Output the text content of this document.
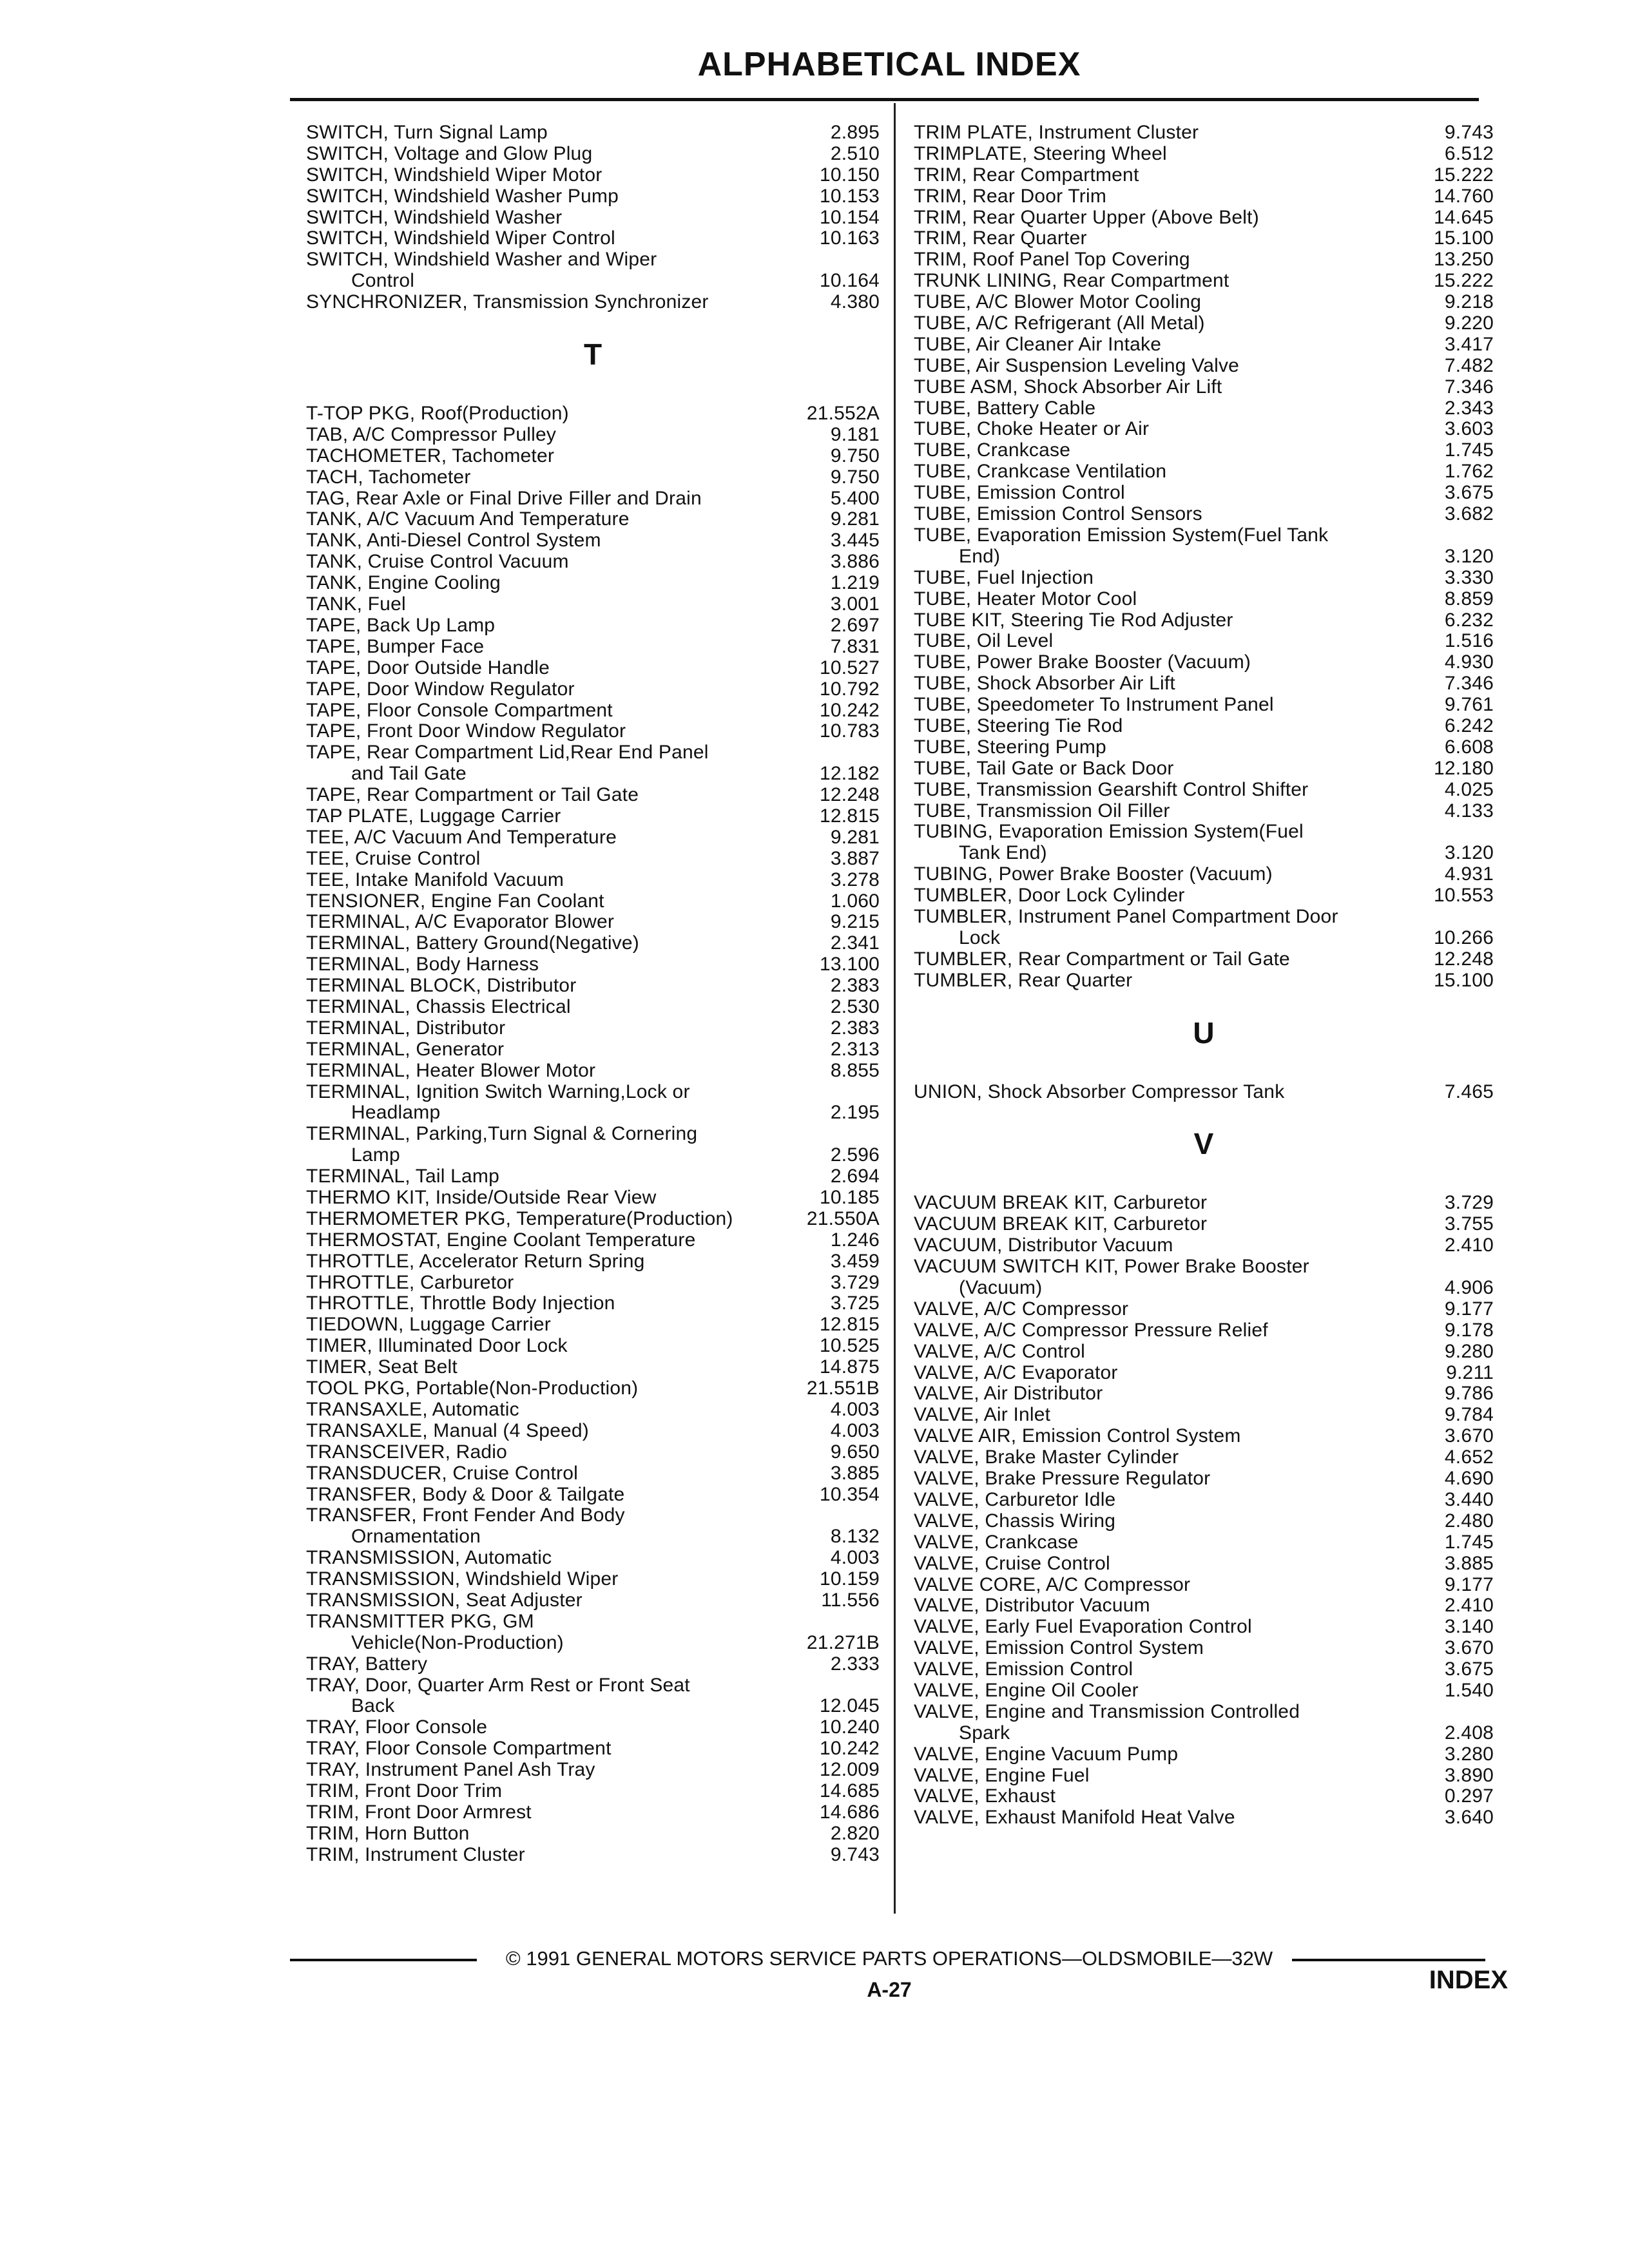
ALPHABETICAL INDEX
SWITCH, Turn Signal Lamp	2.895
SWITCH, Voltage and Glow Plug	2.510
SWITCH, Windshield Wiper Motor	10.150
SWITCH, Windshield Washer Pump	10.153
SWITCH, Windshield Washer	10.154
SWITCH, Windshield Wiper Control	10.163
SWITCH, Windshield Washer and Wiper
Control	10.164
SYNCHRONIZER, Transmission Synchronizer	4.380
T
T-TOP PKG, Roof(Production)	21.552A
TAB, A/C Compressor Pulley	9.181
TACHOMETER, Tachometer	9.750
TACH, Tachometer	9.750
TAG, Rear Axle or Final Drive Filler and Drain	5.400
TANK, A/C Vacuum And Temperature	9.281
TANK, Anti-Diesel Control System	3.445
TANK, Cruise Control Vacuum	3.886
TANK, Engine Cooling	1.219
TANK, Fuel	3.001
TAPE, Back Up Lamp	2.697
TAPE, Bumper Face	7.831
TAPE, Door Outside Handle	10.527
TAPE, Door Window Regulator	10.792
TAPE, Floor Console Compartment	10.242
TAPE, Front Door Window Regulator	10.783
TAPE, Rear Compartment Lid,Rear End Panel
and Tail Gate	12.182
TAPE, Rear Compartment or Tail Gate	12.248
TAP PLATE, Luggage Carrier	12.815
TEE, A/C Vacuum And Temperature	9.281
TEE, Cruise Control	3.887
TEE, Intake Manifold Vacuum	3.278
TENSIONER, Engine Fan Coolant	1.060
TERMINAL, A/C Evaporator Blower	9.215
TERMINAL, Battery Ground(Negative)	2.341
TERMINAL, Body Harness	13.100
TERMINAL BLOCK, Distributor	2.383
TERMINAL, Chassis Electrical	2.530
TERMINAL, Distributor	2.383
TERMINAL, Generator	2.313
TERMINAL, Heater Blower Motor	8.855
TERMINAL, Ignition Switch Warning,Lock or
Headlamp	2.195
TERMINAL, Parking,Turn Signal & Cornering
Lamp	2.596
TERMINAL, Tail Lamp	2.694
THERMO KIT, Inside/Outside Rear View	10.185
THERMOMETER PKG, Temperature(Production)	21.550A
THERMOSTAT, Engine Coolant Temperature	1.246
THROTTLE, Accelerator Return Spring	3.459
THROTTLE, Carburetor	3.729
THROTTLE, Throttle Body Injection	3.725
TIEDOWN, Luggage Carrier	12.815
TIMER, Illuminated Door Lock	10.525
TIMER, Seat Belt	14.875
TOOL PKG, Portable(Non-Production)	21.551B
TRANSAXLE, Automatic	4.003
TRANSAXLE, Manual (4 Speed)	4.003
TRANSCEIVER, Radio	9.650
TRANSDUCER, Cruise Control	3.885
TRANSFER, Body & Door & Tailgate	10.354
TRANSFER, Front Fender And Body
Ornamentation	8.132
TRANSMISSION, Automatic	4.003
TRANSMISSION, Windshield Wiper	10.159
TRANSMISSION, Seat Adjuster	11.556
TRANSMITTER PKG, GM
Vehicle(Non-Production)	21.271B
TRAY, Battery	2.333
TRAY, Door, Quarter Arm Rest or Front Seat
Back	12.045
TRAY, Floor Console	10.240
TRAY, Floor Console Compartment	10.242
TRAY, Instrument Panel Ash Tray	12.009
TRIM, Front Door Trim	14.685
TRIM, Front Door Armrest	14.686
TRIM, Horn Button	2.820
TRIM, Instrument Cluster	9.743
TRIM PLATE, Instrument Cluster	9.743
TRIMPLATE, Steering Wheel	6.512
TRIM, Rear Compartment	15.222
TRIM, Rear Door Trim	14.760
TRIM, Rear Quarter Upper (Above Belt)	14.645
TRIM, Rear Quarter	15.100
TRIM, Roof Panel Top Covering	13.250
TRUNK LINING, Rear Compartment	15.222
TUBE, A/C Blower Motor Cooling	9.218
TUBE, A/C Refrigerant (All Metal)	9.220
TUBE, Air Cleaner Air Intake	3.417
TUBE, Air Suspension Leveling Valve	7.482
TUBE ASM, Shock Absorber Air Lift	7.346
TUBE, Battery Cable	2.343
TUBE, Choke Heater or Air	3.603
TUBE, Crankcase	1.745
TUBE, Crankcase Ventilation	1.762
TUBE, Emission Control	3.675
TUBE, Emission Control Sensors	3.682
TUBE, Evaporation Emission System(Fuel Tank
End)	3.120
TUBE, Fuel Injection	3.330
TUBE, Heater Motor Cool	8.859
TUBE KIT, Steering Tie Rod Adjuster	6.232
TUBE, Oil Level	1.516
TUBE, Power Brake Booster (Vacuum)	4.930
TUBE, Shock Absorber Air Lift	7.346
TUBE, Speedometer To Instrument Panel	9.761
TUBE, Steering Tie Rod	6.242
TUBE, Steering Pump	6.608
TUBE, Tail Gate or Back Door	12.180
TUBE, Transmission Gearshift Control Shifter	4.025
TUBE, Transmission Oil Filler	4.133
TUBING, Evaporation Emission System(Fuel
Tank End)	3.120
TUBING, Power Brake Booster (Vacuum)	4.931
TUMBLER, Door Lock Cylinder	10.553
TUMBLER, Instrument Panel Compartment Door
Lock	10.266
TUMBLER, Rear Compartment or Tail Gate	12.248
TUMBLER, Rear Quarter	15.100
U
UNION, Shock Absorber Compressor Tank	7.465
V
VACUUM BREAK KIT, Carburetor	3.729
VACUUM BREAK KIT, Carburetor	3.755
VACUUM, Distributor Vacuum	2.410
VACUUM SWITCH KIT, Power Brake Booster
(Vacuum)	4.906
VALVE, A/C Compressor	9.177
VALVE, A/C Compressor Pressure Relief	9.178
VALVE, A/C Control	9.280
VALVE, A/C Evaporator	9.211
VALVE, Air Distributor	9.786
VALVE, Air Inlet	9.784
VALVE AIR, Emission Control System	3.670
VALVE, Brake Master Cylinder	4.652
VALVE, Brake Pressure Regulator	4.690
VALVE, Carburetor Idle	3.440
VALVE, Chassis Wiring	2.480
VALVE, Crankcase	1.745
VALVE, Cruise Control	3.885
VALVE CORE, A/C Compressor	9.177
VALVE, Distributor Vacuum	2.410
VALVE, Early Fuel Evaporation Control	3.140
VALVE, Emission Control System	3.670
VALVE, Emission Control	3.675
VALVE, Engine Oil Cooler	1.540
VALVE, Engine and Transmission Controlled
Spark	2.408
VALVE, Engine Vacuum Pump	3.280
VALVE, Engine Fuel	3.890
VALVE, Exhaust	0.297
VALVE, Exhaust Manifold Heat Valve	3.640
© 1991 GENERAL MOTORS SERVICE PARTS OPERATIONS—OLDSMOBILE—32W
A-27	INDEX
